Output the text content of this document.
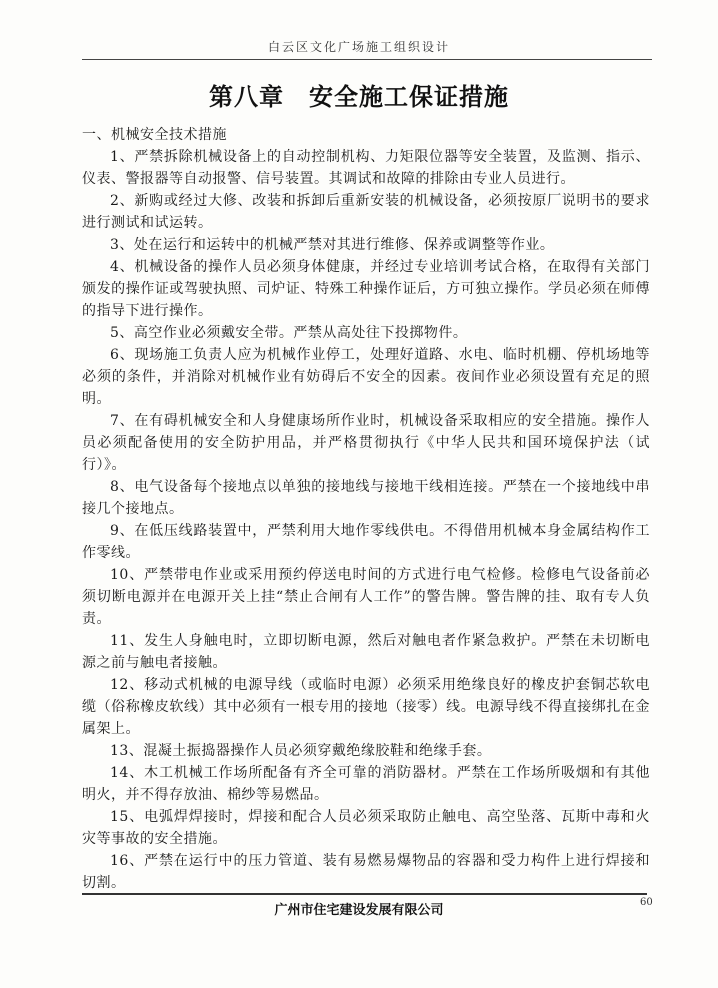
白云区文化广场施工组织设计
第八章　安全施工保证措施

一、机械安全技术措施

1、严禁拆除机械设备上的自动控制机构、力矩限位器等安全装置，及监测、指示、仪表、警报器等自动报警、信号装置。其调试和故障的排除由专业人员进行。

2、新购或经过大修、改装和拆卸后重新安装的机械设备，必须按原厂说明书的要求进行测试和试运转。

3、处在运行和运转中的机械严禁对其进行维修、保养或调整等作业。

4、机械设备的操作人员必须身体健康，并经过专业培训考试合格，在取得有关部门颁发的操作证或驾驶执照、司炉证、特殊工种操作证后，方可独立操作。学员必须在师傅的指导下进行操作。

5、高空作业必须戴安全带。严禁从高处往下投掷物件。

6、现场施工负责人应为机械作业停工，处理好道路、水电、临时机棚、停机场地等必须的条件，并消除对机械作业有妨碍后不安全的因素。夜间作业必须设置有充足的照明。

7、在有碍机械安全和人身健康场所作业时，机械设备采取相应的安全措施。操作人员必须配备使用的安全防护用品，并严格贯彻执行《中华人民共和国环境保护法（试行）》。

8、电气设备每个接地点以单独的接地线与接地干线相连接。严禁在一个接地线中串接几个接地点。

9、在低压线路装置中，严禁利用大地作零线供电。不得借用机械本身金属结构作工作零线。

10、严禁带电作业或采用预约停送电时间的方式进行电气检修。检修电气设备前必须切断电源并在电源开关上挂“禁止合闸有人工作”的警告牌。警告牌的挂、取有专人负责。

11、发生人身触电时，立即切断电源，然后对触电者作紧急救护。严禁在未切断电源之前与触电者接触。

12、移动式机械的电源导线（或临时电源）必须采用绝缘良好的橡皮护套铜芯软电缆（俗称橡皮软线）其中必须有一根专用的接地（接零）线。电源导线不得直接绑扎在金属架上。

13、混凝土振捣器操作人员必须穿戴绝缘胶鞋和绝缘手套。

14、木工机械工作场所配备有齐全可靠的消防器材。严禁在工作场所吸烟和有其他明火，并不得存放油、棉纱等易燃品。

15、电弧焊焊接时，焊接和配合人员必须采取防止触电、高空坠落、瓦斯中毒和火灾等事故的安全措施。

16、严禁在运行中的压力管道、装有易燃易爆物品的容器和受力构件上进行焊接和切割。

广州市住宅建设发展有限公司
60
